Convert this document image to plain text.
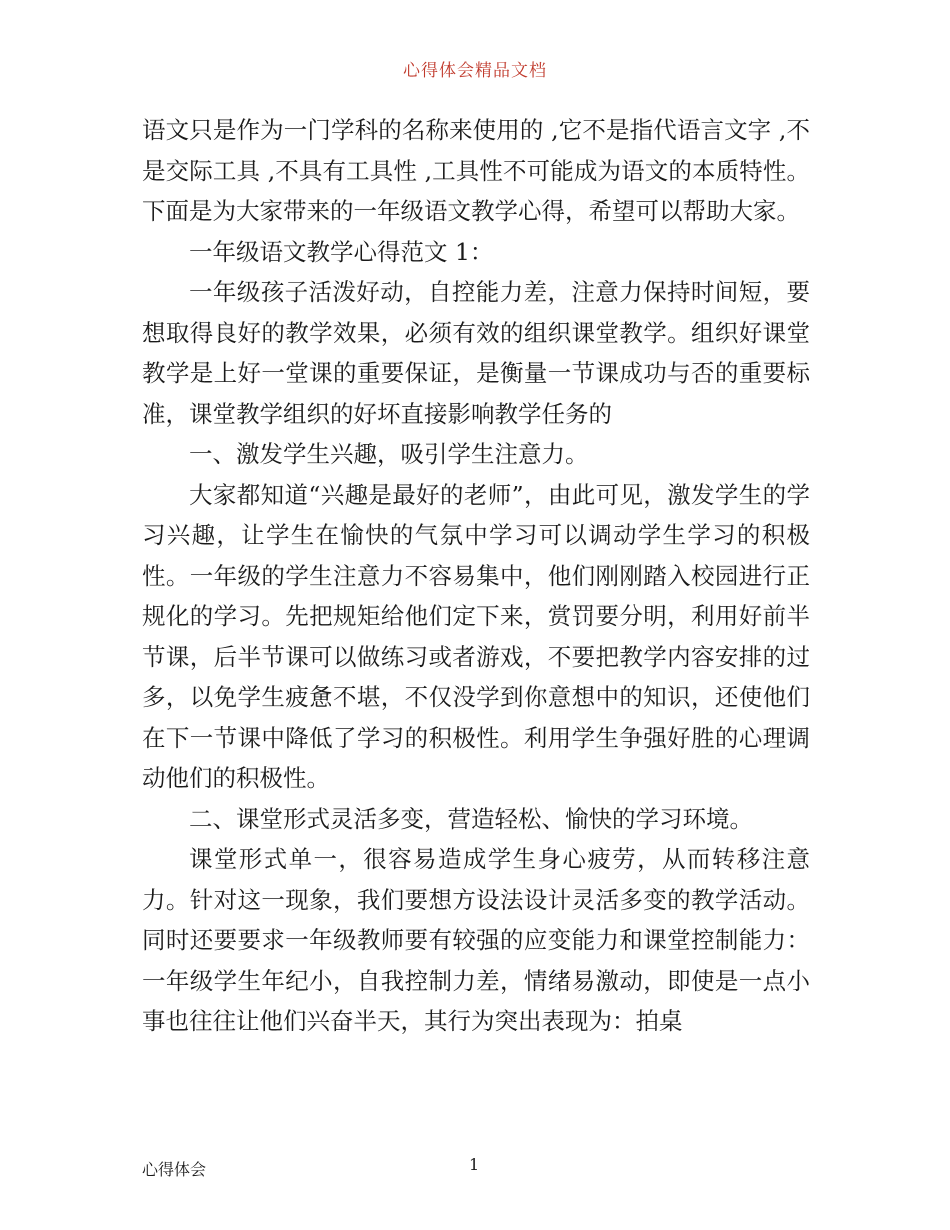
心得体会精品文档

语文只是作为一门学科的名称来使用的 ,它不是指代语言文字 ,不是交际工具 ,不具有工具性 ,工具性不可能成为语文的本质特性。下面是为大家带来的一年级语文教学心得，希望可以帮助大家。

一年级语文教学心得范文 1：

一年级孩子活泼好动，自控能力差，注意力保持时间短，要想取得良好的教学效果，必须有效的组织课堂教学。组织好课堂教学是上好一堂课的重要保证，是衡量一节课成功与否的重要标准，课堂教学组织的好坏直接影响教学任务的

一、激发学生兴趣，吸引学生注意力。

大家都知道“兴趣是最好的老师”，由此可见，激发学生的学习兴趣，让学生在愉快的气氛中学习可以调动学生学习的积极性。一年级的学生注意力不容易集中，他们刚刚踏入校园进行正规化的学习。先把规矩给他们定下来，赏罚要分明，利用好前半节课，后半节课可以做练习或者游戏，不要把教学内容安排的过多，以免学生疲惫不堪，不仅没学到你意想中的知识，还使他们在下一节课中降低了学习的积极性。利用学生争强好胜的心理调动他们的积极性。

二、课堂形式灵活多变，营造轻松、愉快的学习环境。

课堂形式单一，很容易造成学生身心疲劳，从而转移注意力。针对这一现象，我们要想方设法设计灵活多变的教学活动。同时还要要求一年级教师要有较强的应变能力和课堂控制能力：一年级学生年纪小，自我控制力差，情绪易激动，即使是一点小事也往往让他们兴奋半天，其行为突出表现为：拍桌

心得体会	1
